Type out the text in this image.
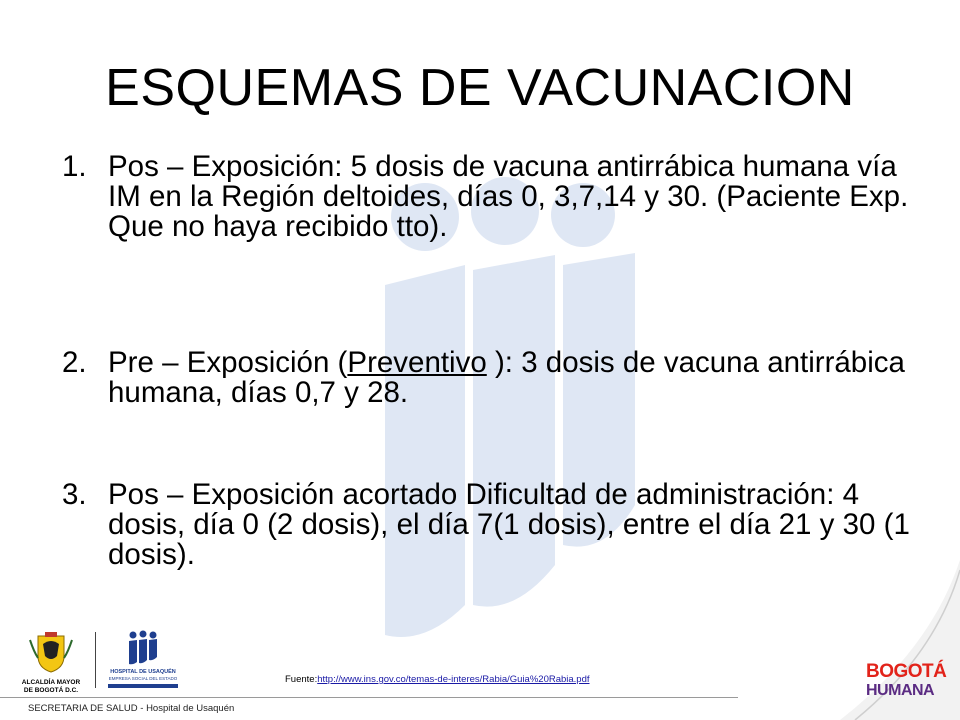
ESQUEMAS DE VACUNACION
1. Pos – Exposición: 5 dosis de vacuna antirrábica humana vía IM en la Región deltoides, días 0, 3,7,14 y 30. (Paciente Exp. Que no haya recibido tto).
2. Pre – Exposición (Preventivo ): 3 dosis de vacuna antirrábica humana, días 0,7 y 28.
3. Pos – Exposición acortado Dificultad de administración: 4 dosis, día 0 (2 dosis), el día 7(1 dosis), entre el día 21 y 30 (1 dosis).
ALCALDÍA MAYOR
DE BOGOTÁ D.C.
HOSPITAL DE USAQUÉN
EMPRESA SOCIAL DEL ESTADO	Fuente:http://www.ins.gov.co/temas-de-interes/Rabia/Guia%20Rabia.pdf
SECRETARIA DE SALUD - Hospital de Usaquén
BOGOTÁ
HUMANA
